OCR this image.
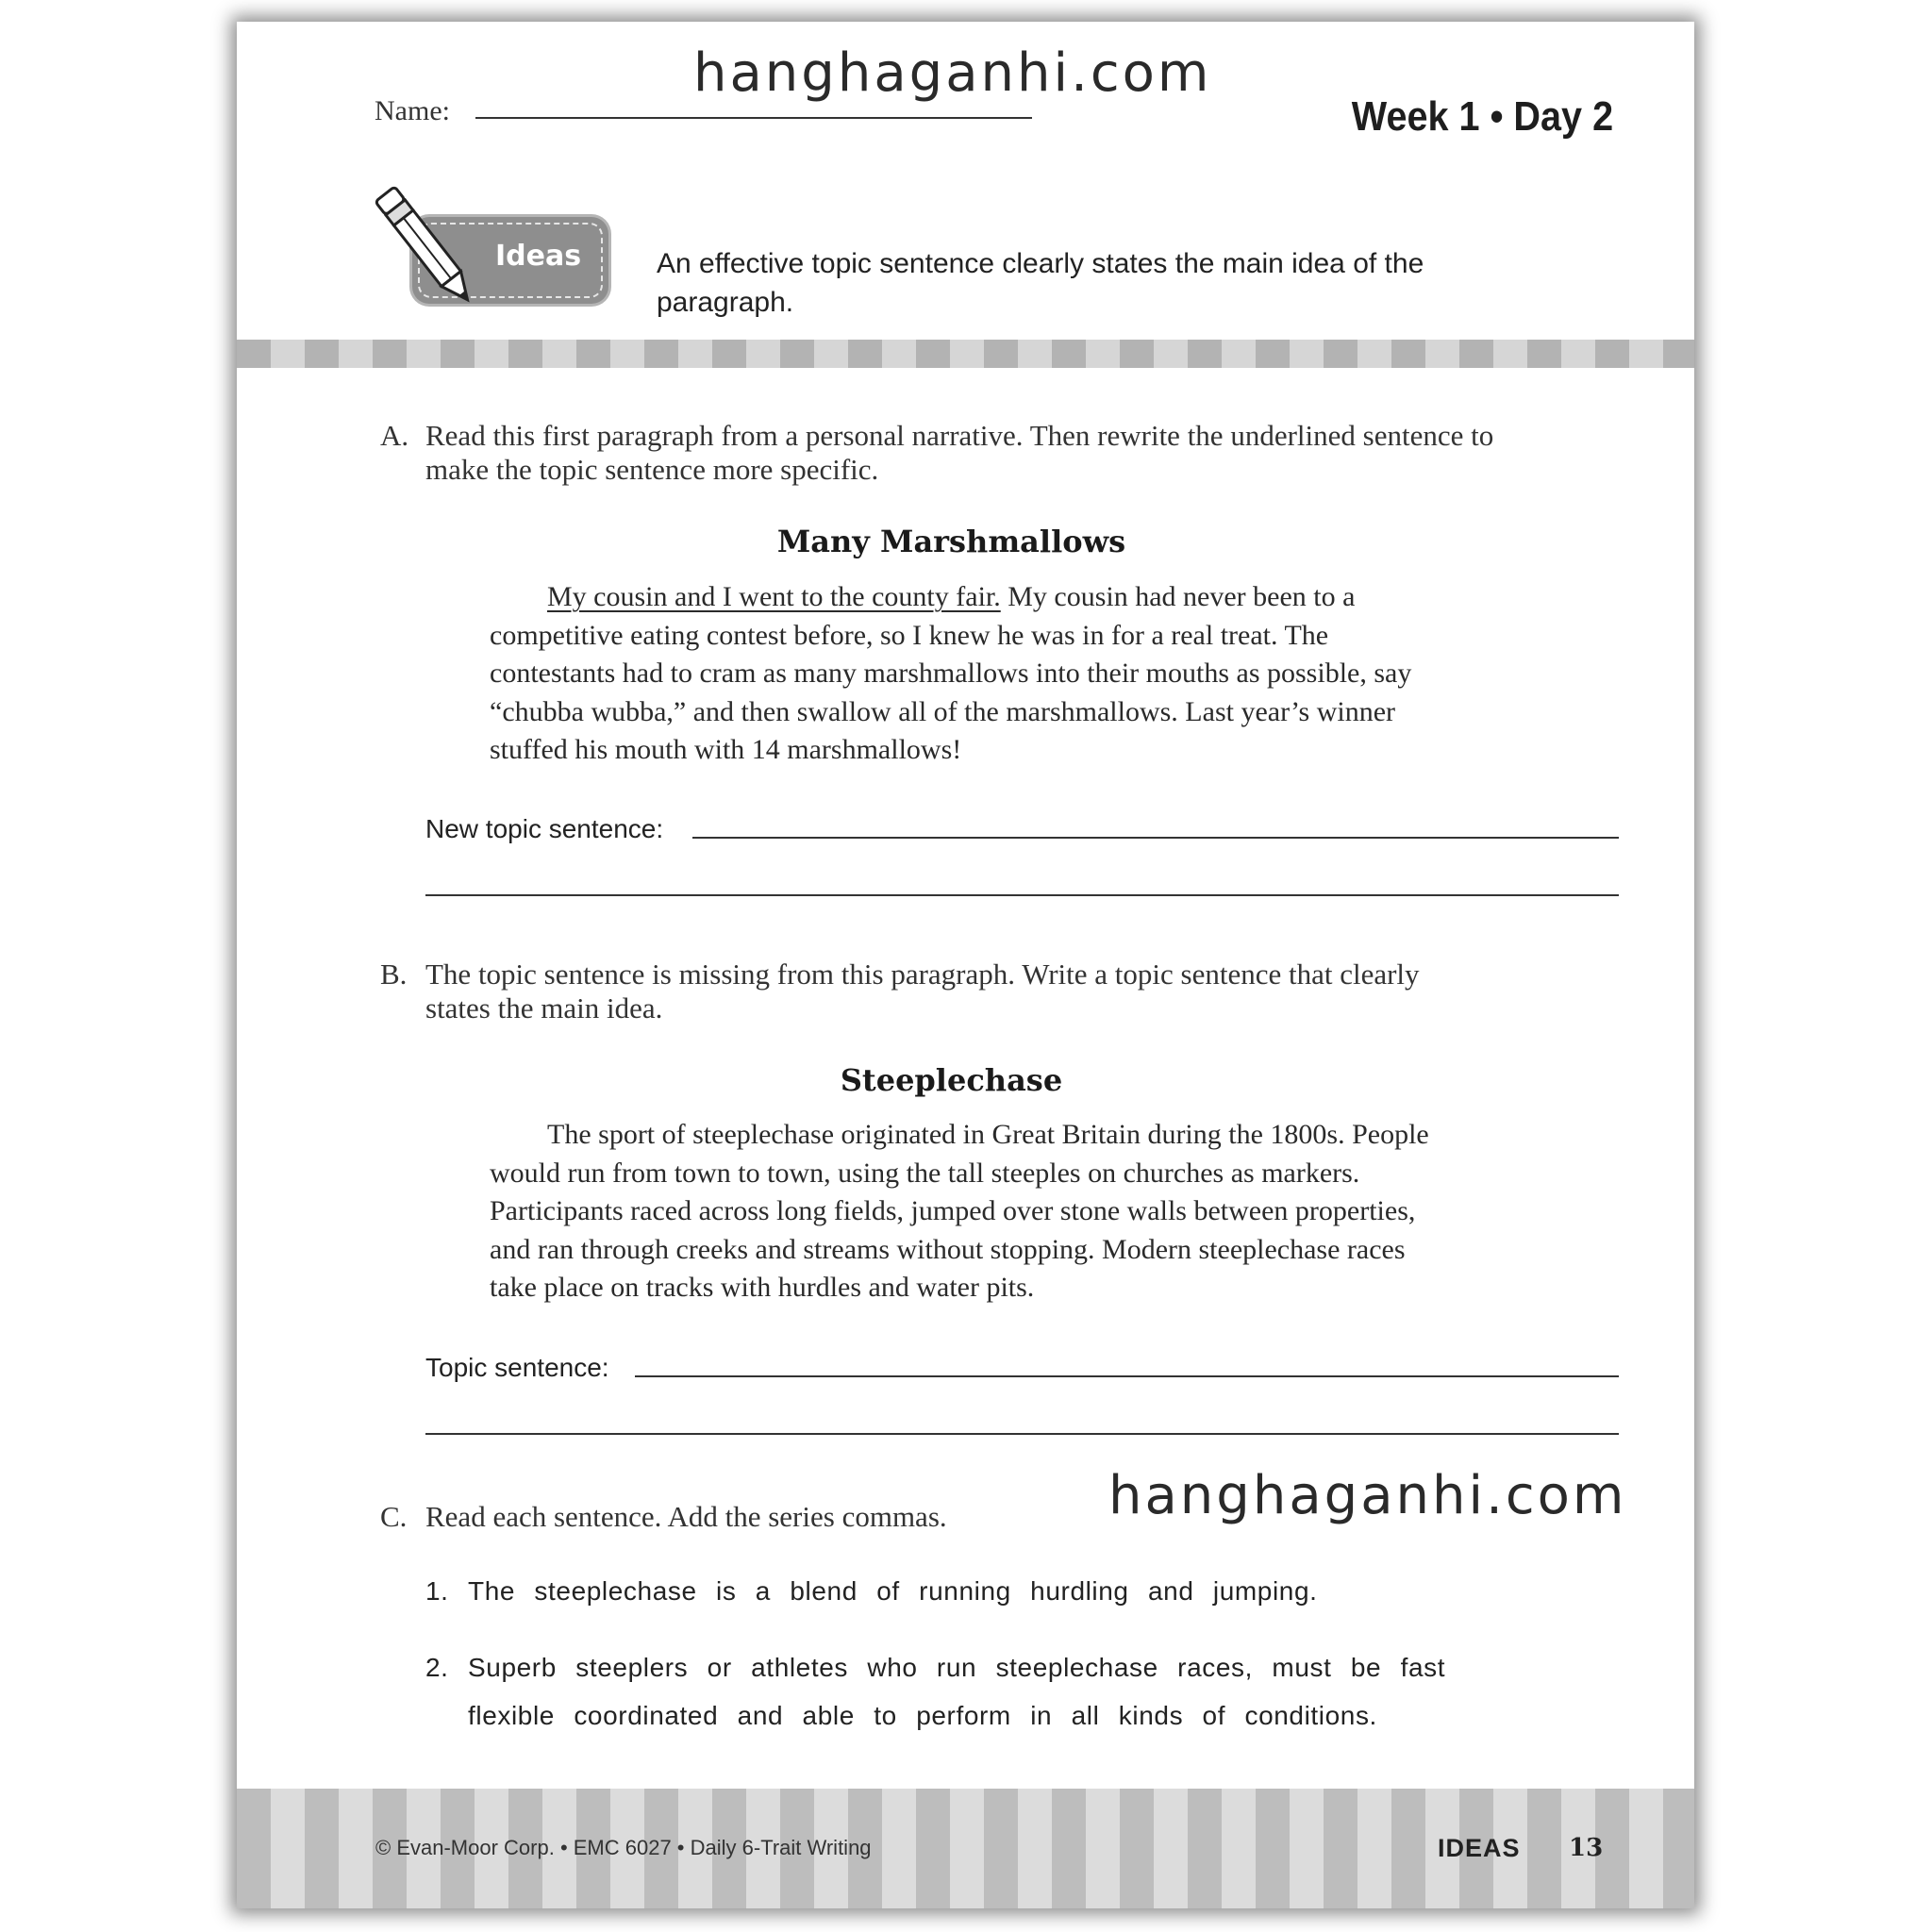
hanghaganhi.com
Name:	Week 1 • Day 2
Ideas	An effective topic sentence clearly states the main idea of the paragraph.
A. Read this first paragraph from a personal narrative. Then rewrite the underlined sentence to make the topic sentence more specific.
Many Marshmallows

My cousin and I went to the county fair. My cousin had never been to a competitive eating contest before, so I knew he was in for a real treat. The contestants had to cram as many marshmallows into their mouths as possible, say “chubba wubba,” and then swallow all of the marshmallows. Last year’s winner stuffed his mouth with 14 marshmallows!

New topic sentence:
B. The topic sentence is missing from this paragraph. Write a topic sentence that clearly states the main idea.
Steeplechase

The sport of steeplechase originated in Great Britain during the 1800s. People would run from town to town, using the tall steeples on churches as markers. Participants raced across long fields, jumped over stone walls between properties, and ran through creeks and streams without stopping. Modern steeplechase races take place on tracks with hurdles and water pits.

Topic sentence:
C. Read each sentence. Add the series commas.	hanghaganhi.com
1. The steeplechase is a blend of running hurdling and jumping.
2. Superb steeplers or athletes who run steeplechase races, must be fast flexible coordinated and able to perform in all kinds of conditions.
© Evan-Moor Corp. • EMC 6027 • Daily 6-Trait Writing	IDEAS 13
